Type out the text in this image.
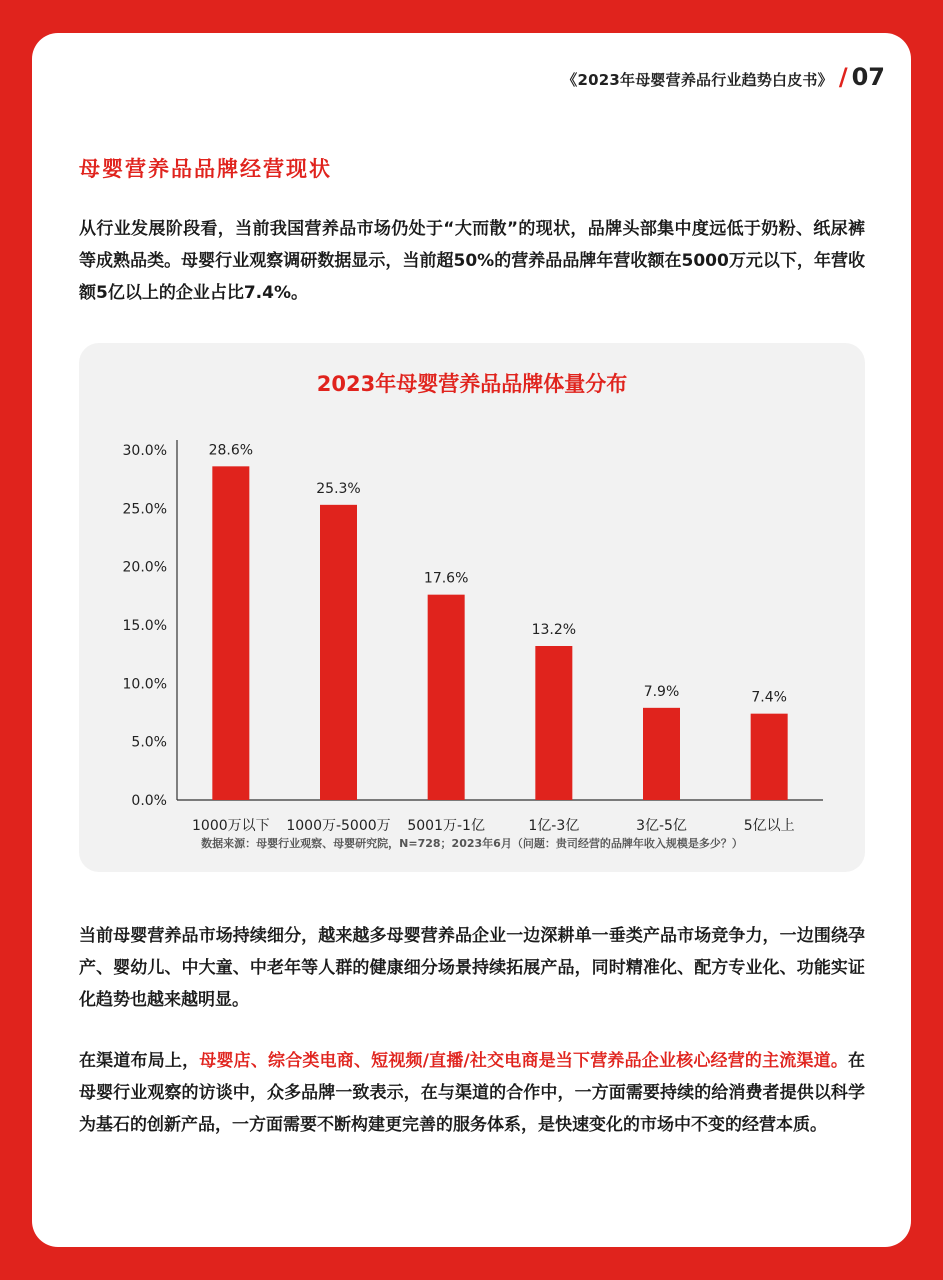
《2023年母婴营养品行业趋势白皮书》 / 07
母婴营养品品牌经营现状
从行业发展阶段看，当前我国营养品市场仍处于“大而散”的现状，品牌头部集中度远低于奶粉、纸尿裤等成熟品类。母婴行业观察调研数据显示，当前超50%的营养品品牌年营收额在5000万元以下，年营收额5亿以上的企业占比7.4%。
2023年母婴营养品品牌体量分布
0.0%
5.0%
10.0%
15.0%
20.0%
25.0%
30.0%	28.6%
1000万以下
25.3%
1000万-5000万
17.6%
5001万-1亿
13.2%
1亿-3亿
7.9%
3亿-5亿
7.4%
5亿以上
数据来源：母婴行业观察、母婴研究院，N=728；2023年6月（问题：贵司经营的品牌年收入规模是多少？）
当前母婴营养品市场持续细分，越来越多母婴营养品企业一边深耕单一垂类产品市场竞争力，一边围绕孕产、婴幼儿、中大童、中老年等人群的健康细分场景持续拓展产品，同时精准化、配方专业化、功能实证化趋势也越来越明显。
在渠道布局上，母婴店、综合类电商、短视频/直播/社交电商是当下营养品企业核心经营的主流渠道。在母婴行业观察的访谈中，众多品牌一致表示，在与渠道的合作中，一方面需要持续的给消费者提供以科学为基石的创新产品，一方面需要不断构建更完善的服务体系，是快速变化的市场中不变的经营本质。
